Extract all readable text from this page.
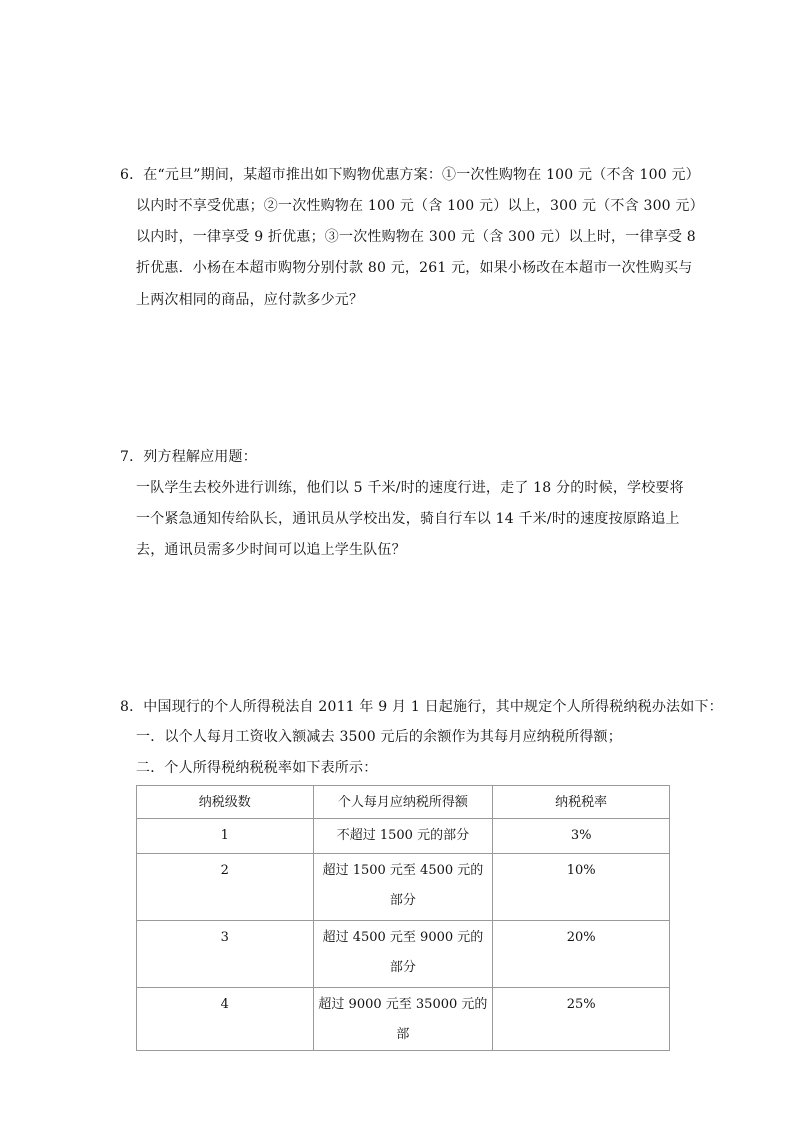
6．在“元旦”期间，某超市推出如下购物优惠方案：①一次性购物在 100 元（不含 100 元）
以内时不享受优惠；②一次性购物在 100 元（含 100 元）以上，300 元（不含 300 元）
以内时，一律享受 9 折优惠；③一次性购物在 300 元（含 300 元）以上时，一律享受 8
折优惠．小杨在本超市购物分别付款 80 元，261 元，如果小杨改在本超市一次性购买与
上两次相同的商品，应付款多少元？
7．列方程解应用题：
一队学生去校外进行训练，他们以 5 千米/时的速度行进，走了 18 分的时候，学校要将
一个紧急通知传给队长，通讯员从学校出发，骑自行车以 14 千米/时的速度按原路追上
去，通讯员需多少时间可以追上学生队伍？
8．中国现行的个人所得税法自 2011 年 9 月 1 日起施行，其中规定个人所得税纳税办法如下：
一．以个人每月工资收入额减去 3500 元后的余额作为其每月应纳税所得额；
二．个人所得税纳税税率如下表所示：
纳税级数	个人每月应纳税所得额	纳税税率

1	不超过 1500 元的部分	3%

2	超过 1500 元至 4500 元的部分	10%

3	超过 4500 元至 9000 元的部分	20%

4	超过 9000 元至 35000 元的部	25%
